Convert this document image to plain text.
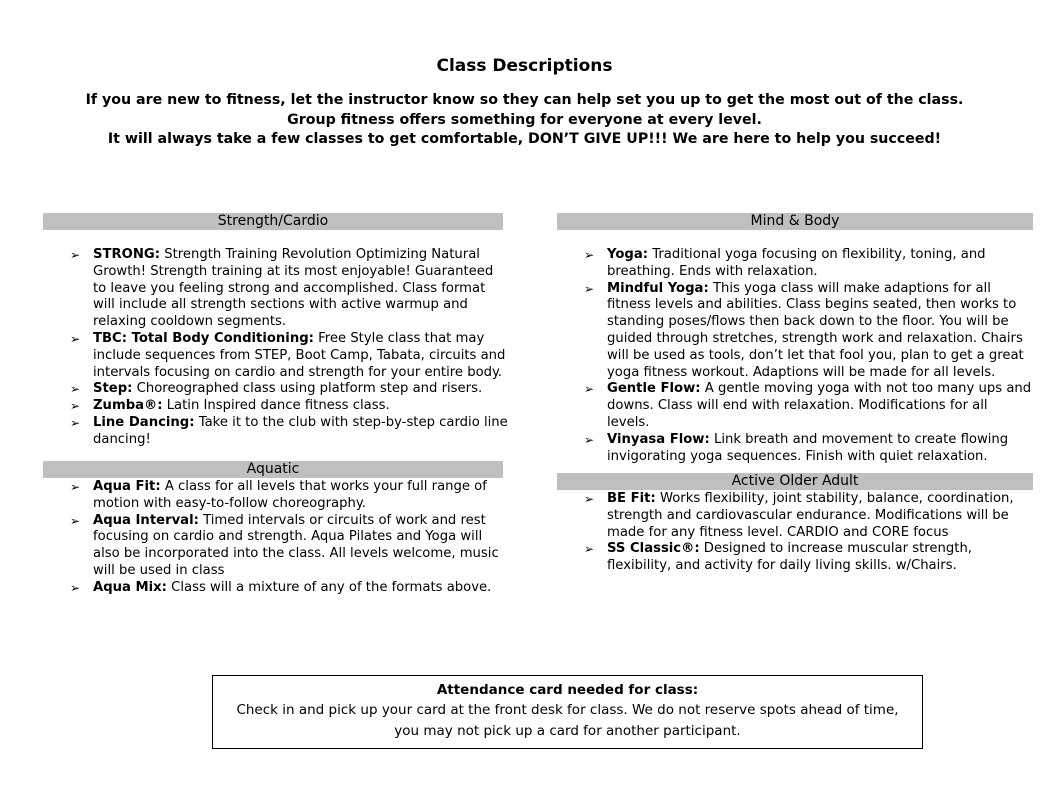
Class Descriptions
If you are new to fitness, let the instructor know so they can help set you up to get the most out of the class.
Group fitness offers something for everyone at every level.
It will always take a few classes to get comfortable, DON’T GIVE UP!!! We are here to help you succeed!
Strength/Cardio
➢ STRONG: Strength Training Revolution Optimizing Natural Growth! Strength training at its most enjoyable! Guaranteed to leave you feeling strong and accomplished. Class format will include all strength sections with active warmup and relaxing cooldown segments.
➢ TBC: Total Body Conditioning: Free Style class that may include sequences from STEP, Boot Camp, Tabata, circuits and intervals focusing on cardio and strength for your entire body.
➢ Step: Choreographed class using platform step and risers.
➢ Zumba®: Latin Inspired dance fitness class.
➢ Line Dancing: Take it to the club with step-by-step cardio line dancing!
Aquatic
➢ Aqua Fit: A class for all levels that works your full range of motion with easy-to-follow choreography.
➢ Aqua Interval: Timed intervals or circuits of work and rest focusing on cardio and strength. Aqua Pilates and Yoga will also be incorporated into the class. All levels welcome, music will be used in class
➢ Aqua Mix: Class will a mixture of any of the formats above.
Mind & Body
➢ Yoga: Traditional yoga focusing on flexibility, toning, and breathing. Ends with relaxation.
➢ Mindful Yoga: This yoga class will make adaptions for all fitness levels and abilities. Class begins seated, then works to standing poses/flows then back down to the floor. You will be guided through stretches, strength work and relaxation. Chairs will be used as tools, don’t let that fool you, plan to get a great yoga fitness workout. Adaptions will be made for all levels.
➢ Gentle Flow: A gentle moving yoga with not too many ups and downs. Class will end with relaxation. Modifications for all levels.
➢ Vinyasa Flow: Link breath and movement to create flowing invigorating yoga sequences. Finish with quiet relaxation.
Active Older Adult
➢ BE Fit: Works flexibility, joint stability, balance, coordination, strength and cardiovascular endurance. Modifications will be made for any fitness level. CARDIO and CORE focus
➢ SS Classic®: Designed to increase muscular strength, flexibility, and activity for daily living skills. w/Chairs.
Attendance card needed for class:
Check in and pick up your card at the front desk for class. We do not reserve spots ahead of time, you may not pick up a card for another participant.
